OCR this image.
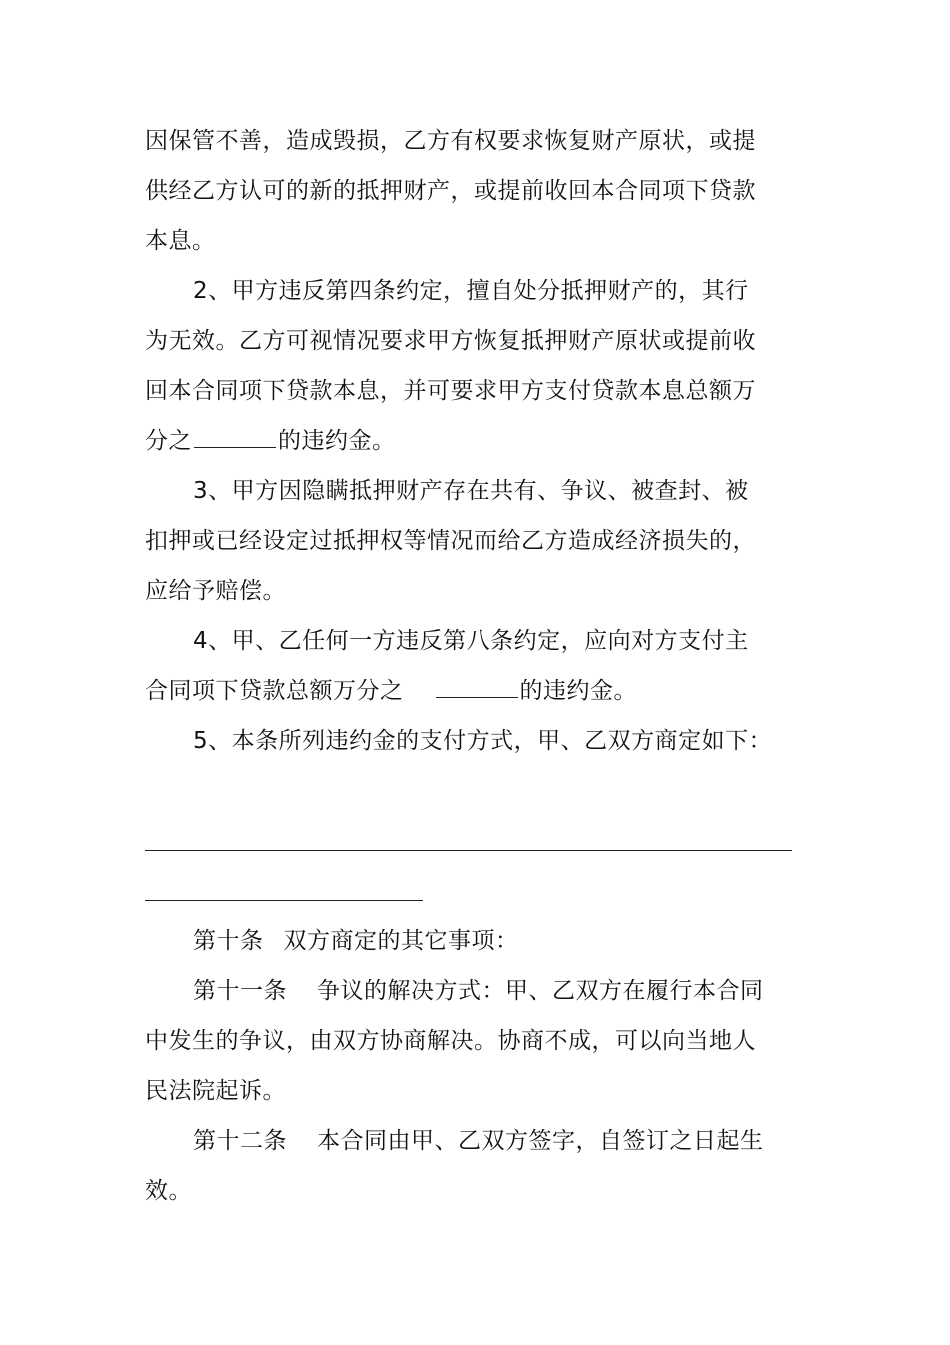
因保管不善，造成毁损，乙方有权要求恢复财产原状，或提
供经乙方认可的新的抵押财产，或提前收回本合同项下贷款
本息。
2、甲方违反第四条约定，擅自处分抵押财产的，其行
为无效。乙方可视情况要求甲方恢复抵押财产原状或提前收
回本合同项下贷款本息，并可要求甲方支付贷款本息总额万
分之	的违约金。
3、甲方因隐瞒抵押财产存在共有、争议、被查封、被
扣押或已经设定过抵押权等情况而给乙方造成经济损失的，
应给予赔偿。
4、甲、乙任何一方违反第八条约定，应向对方支付主
合同项下贷款总额万分之	的违约金。
5、本条所列违约金的支付方式，甲、乙双方商定如下：
第十条 双方商定的其它事项：
第十一条 争议的解决方式：甲、乙双方在履行本合同
中发生的争议，由双方协商解决。协商不成，可以向当地人
民法院起诉。
第十二条 本合同由甲、乙双方签字，自签订之日起生
效。
